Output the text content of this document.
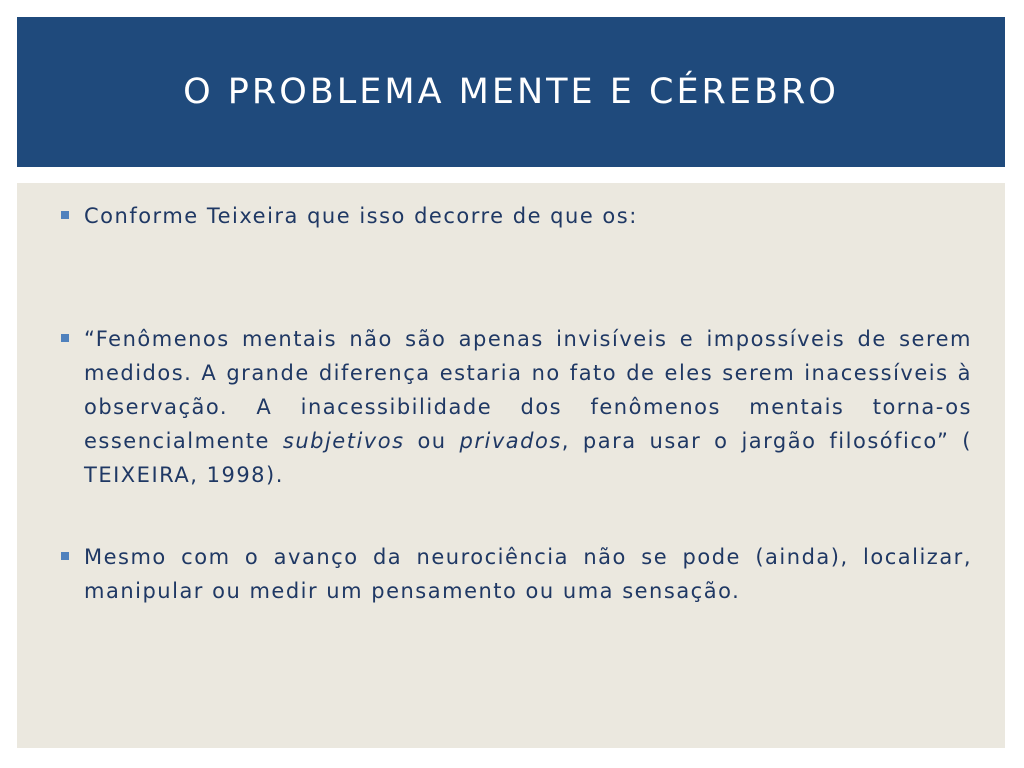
O PROBLEMA MENTE E CÉREBRO

Conforme Teixeira que isso decorre de que os:

“Fenômenos mentais não são apenas invisíveis e impossíveis de serem medidos. A grande diferença estaria no fato de eles serem inacessíveis à observação. A inacessibilidade dos fenômenos mentais torna-os essencialmente subjetivos ou privados, para usar o jargão filosófico” ( TEIXEIRA, 1998).

Mesmo com o avanço da neurociência não se pode (ainda), localizar, manipular ou medir um pensamento ou uma sensação.
